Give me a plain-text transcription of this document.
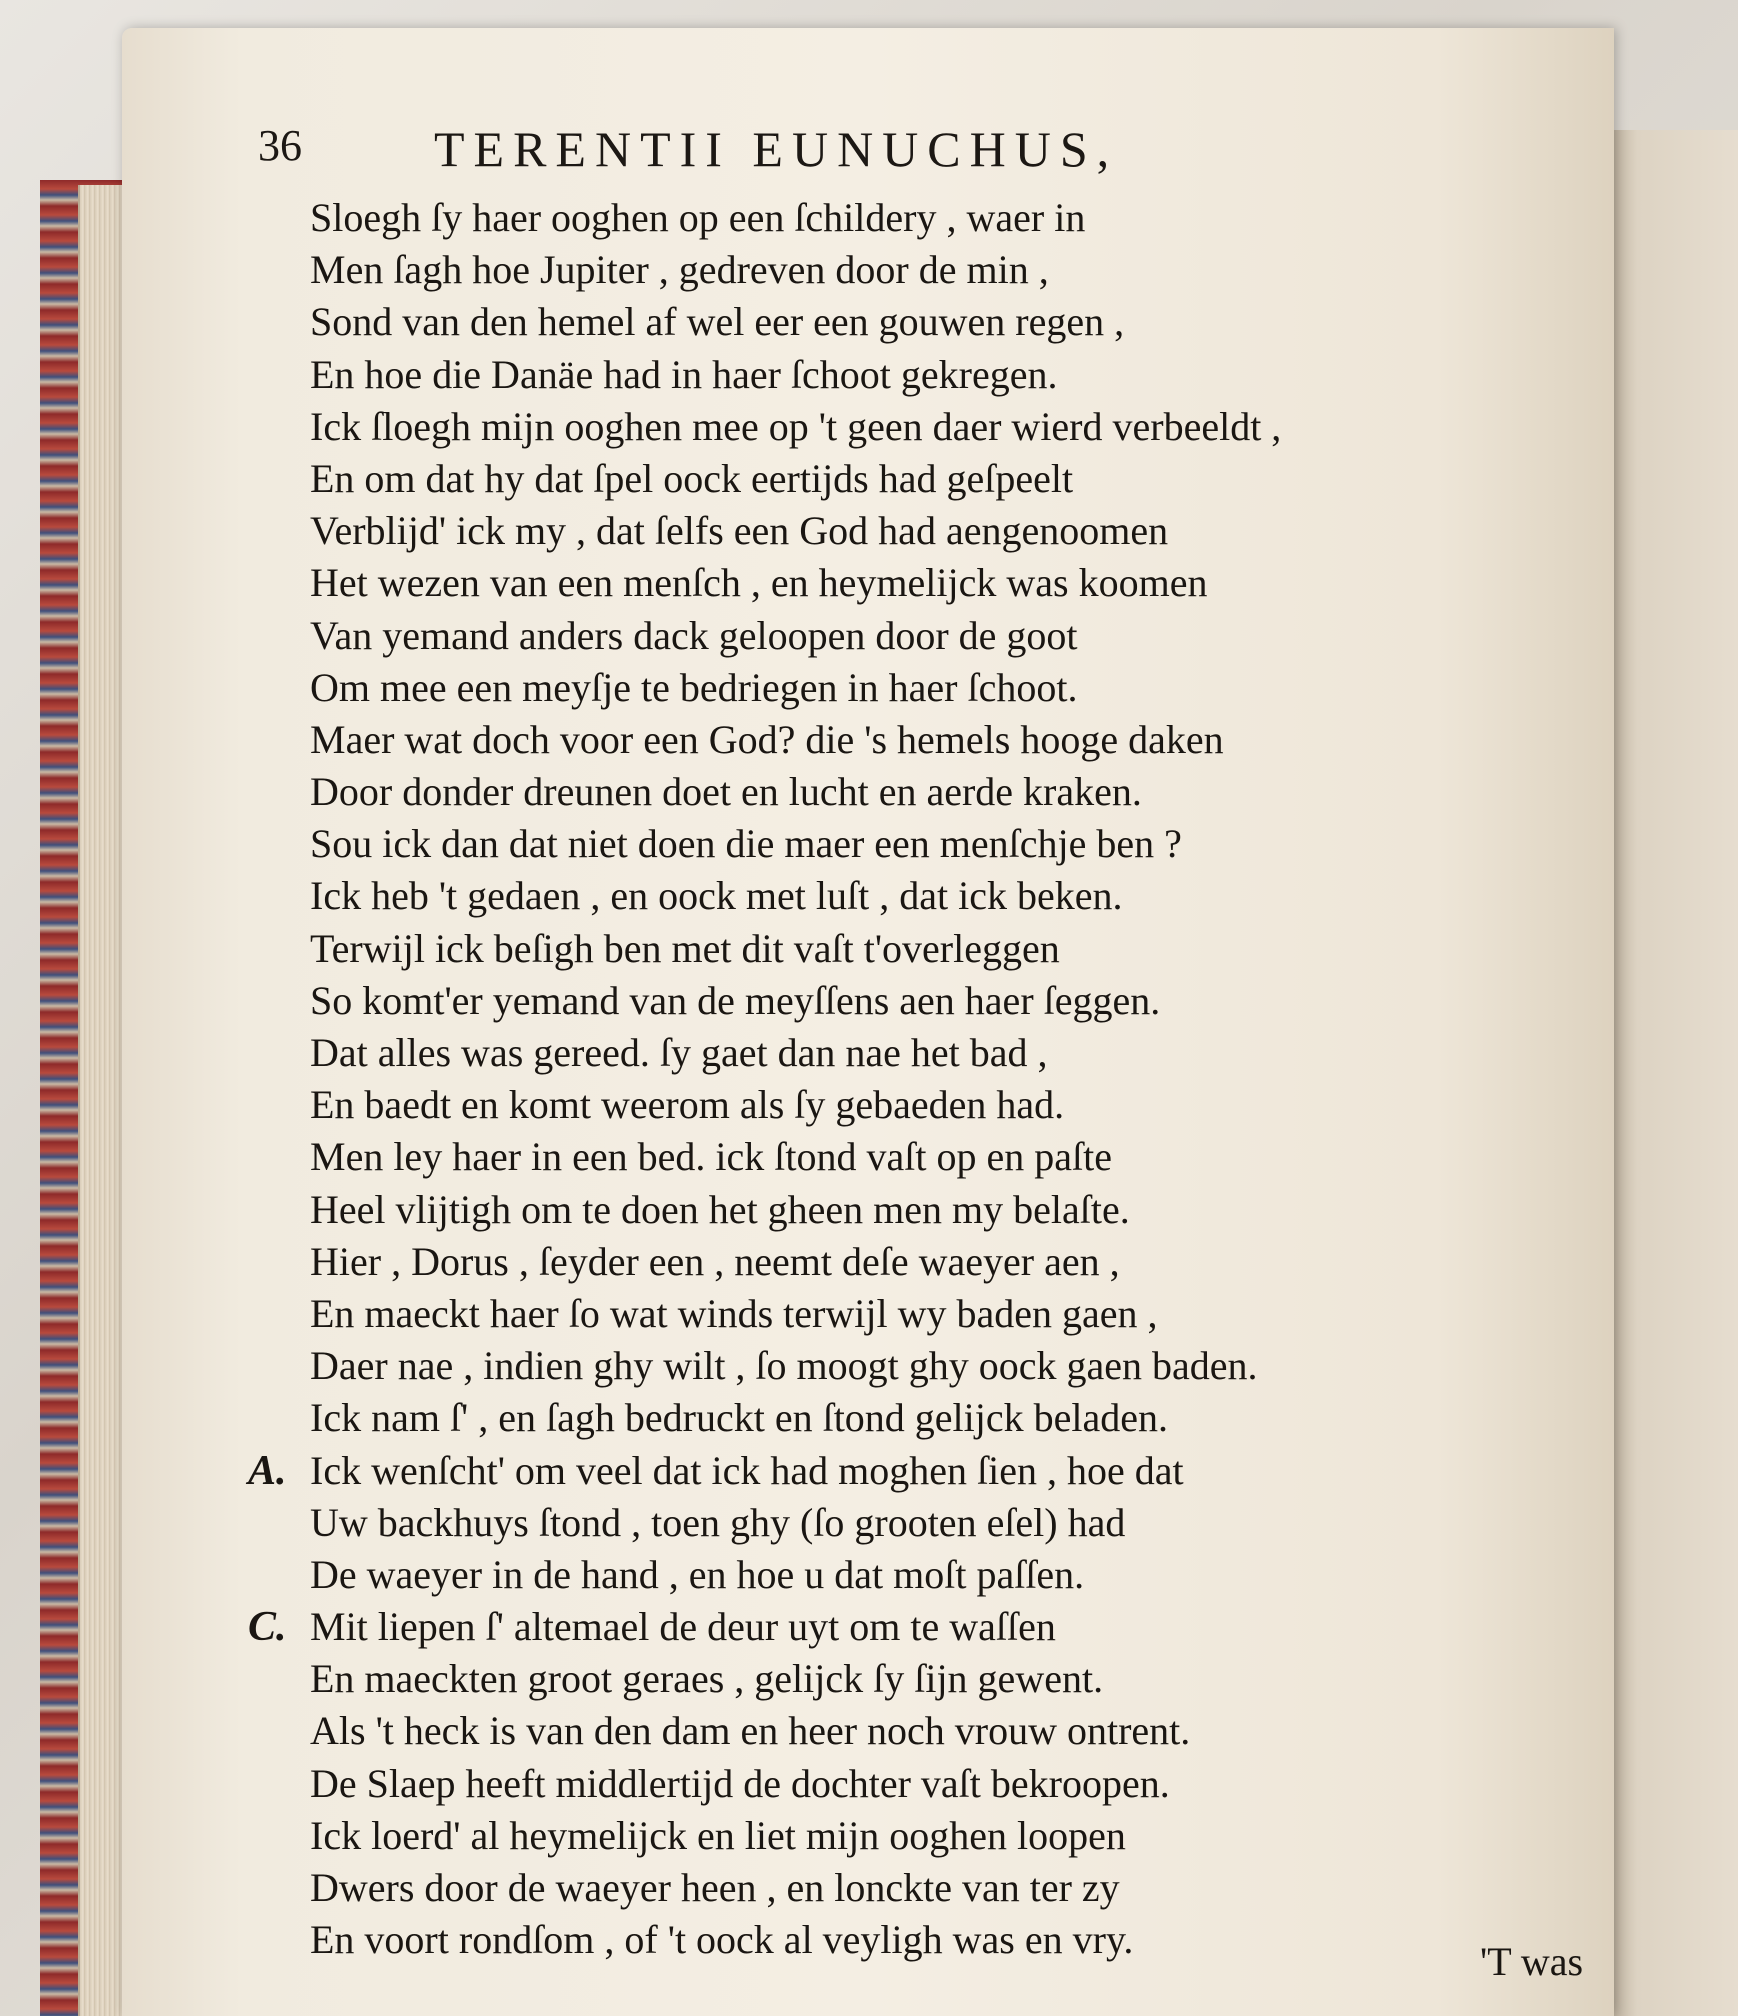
36	TERENTII EUNUCHUS,
Sloegh ſy haer ooghen op een ſchildery , waer in
Men ſagh hoe Jupiter , gedreven door de min ,
Sond van den hemel af wel eer een gouwen regen ,
En hoe die Danäe had in haer ſchoot gekregen.
Ick ſloegh mijn ooghen mee op 't geen daer wierd verbeeldt ,
En om dat hy dat ſpel oock eertijds had geſpeelt
Verblijd' ick my , dat ſelfs een God had aengenoomen
Het wezen van een menſch , en heymelijck was koomen
Van yemand anders dack geloopen door de goot
Om mee een meyſje te bedriegen in haer ſchoot.
Maer wat doch voor een God? die 's hemels hooge daken
Door donder dreunen doet en lucht en aerde kraken.
Sou ick dan dat niet doen die maer een menſchje ben ?
Ick heb 't gedaen , en oock met luſt , dat ick beken.
Terwijl ick beſigh ben met dit vaſt t'overleggen
So komt'er yemand van de meyſſens aen haer ſeggen.
Dat alles was gereed. ſy gaet dan nae het bad ,
En baedt en komt weerom als ſy gebaeden had.
Men ley haer in een bed. ick ſtond vaſt op en paſte
Heel vlijtigh om te doen het gheen men my belaſte.
Hier , Dorus , ſeyder een , neemt deſe waeyer aen ,
En maeckt haer ſo wat winds terwijl wy baden gaen ,
Daer nae , indien ghy wilt , ſo moogt ghy oock gaen baden.
Ick nam ſ' , en ſagh bedruckt en ſtond gelijck beladen.
A. Ick wenſcht' om veel dat ick had moghen ſien , hoe dat
Uw backhuys ſtond , toen ghy (ſo grooten eſel) had
De waeyer in de hand , en hoe u dat moſt paſſen.
C. Mit liepen ſ' altemael de deur uyt om te waſſen
En maeckten groot geraes , gelijck ſy ſijn gewent.
Als 't heck is van den dam en heer noch vrouw ontrent.
De Slaep heeft middlertijd de dochter vaſt bekroopen.
Ick loerd' al heymelijck en liet mijn ooghen loopen
Dwers door de waeyer heen , en lonckte van ter zy
En voort rondſom , of 't oock al veyligh was en vry.	'T was
